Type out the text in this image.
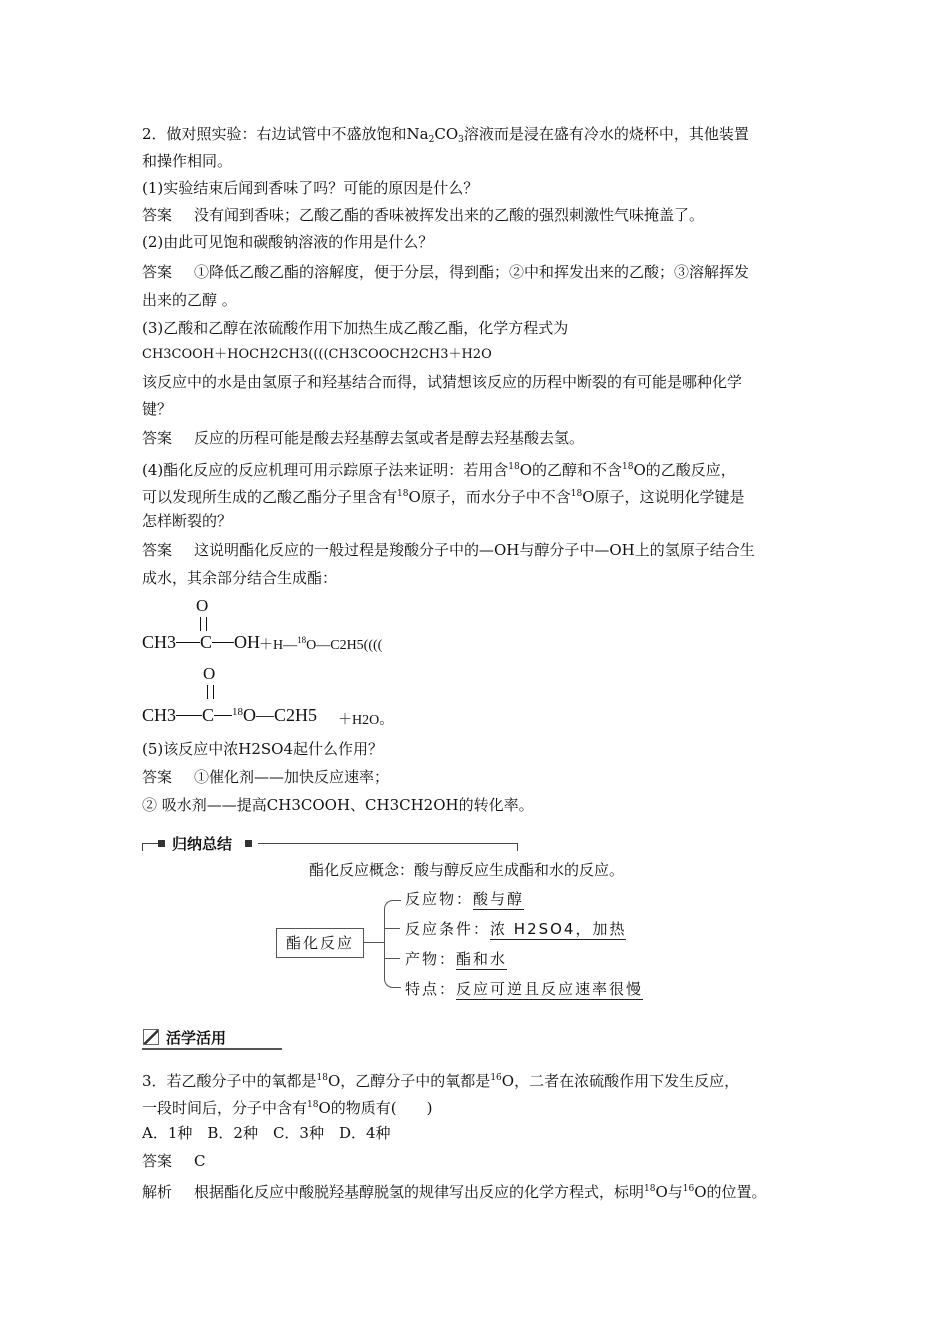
2．做对照实验：右边试管中不盛放饱和$Na_2CO_3$溶液而是浸在盛有冷水的烧杯中，其他装置
和操作相同。
(1)实验结束后闻到香味了吗？可能的原因是什么？
答案 没有闻到香味；乙酸乙酯的香味被挥发出来的乙酸的强烈刺激性气味掩盖了。
(2)由此可见饱和碳酸钠溶液的作用是什么？
答案 ①降低乙酸乙酯的溶解度，便于分层，得到酯；②中和挥发出来的乙酸；③溶解挥发
出来的乙醇 。
(3)乙酸和乙醇在浓硫酸作用下加热生成乙酸乙酯，化学方程式为
CH3COOH＋HOCH2CH3((((CH3COOCH2CH3＋H2O
该反应中的水是由氢原子和羟基结合而得，试猜想该反应的历程中断裂的有可能是哪种化学
键？
答案 反应的历程可能是酸去羟基醇去氢或者是醇去羟基酸去氢。
(4)酯化反应的反应机理可用示踪原子法来证明：若用含$^{18}$O的乙醇和不含$^{18}$O的乙酸反应，
可以发现所生成的乙酸乙酯分子里含有$^{18}$O原子，而水分子中不含$^{18}$O原子，这说明化学键是
怎样断裂的？
答案 这说明酯化反应的一般过程是羧酸分子中的—OH与醇分子中—OH上的氢原子结合生
成水，其余部分结合生成酯：
O
CH3 C OH
＋H—$^{18}$O—C2H5((((
O
CH3 C $^{18}$O—C2H5 ＋H2O。
(5)该反应中浓H2SO4起什么作用？
答案 ①催化剂——加快反应速率；
② 吸水剂——提高CH3COOH、CH3CH2OH的转化率。
归纳总结
酯化反应概念：酸与醇反应生成酯和水的反应。
酯化反应
反应物：酸与醇
反应条件：浓 H2SO4，加热
产物：酯和水
特点：反应可逆且反应速率很慢
活学活用
3．若乙酸分子中的氧都是$^{18}$O，乙醇分子中的氧都是$^{16}$O，二者在浓硫酸作用下发生反应，
一段时间后，分子中含有$^{18}$O的物质有(　　)
A．1种　B．2种　C．3种　D．4种
答案 C
解析 根据酯化反应中酸脱羟基醇脱氢的规律写出反应的化学方程式，标明$^{18}$O与$^{16}$O的位置。
